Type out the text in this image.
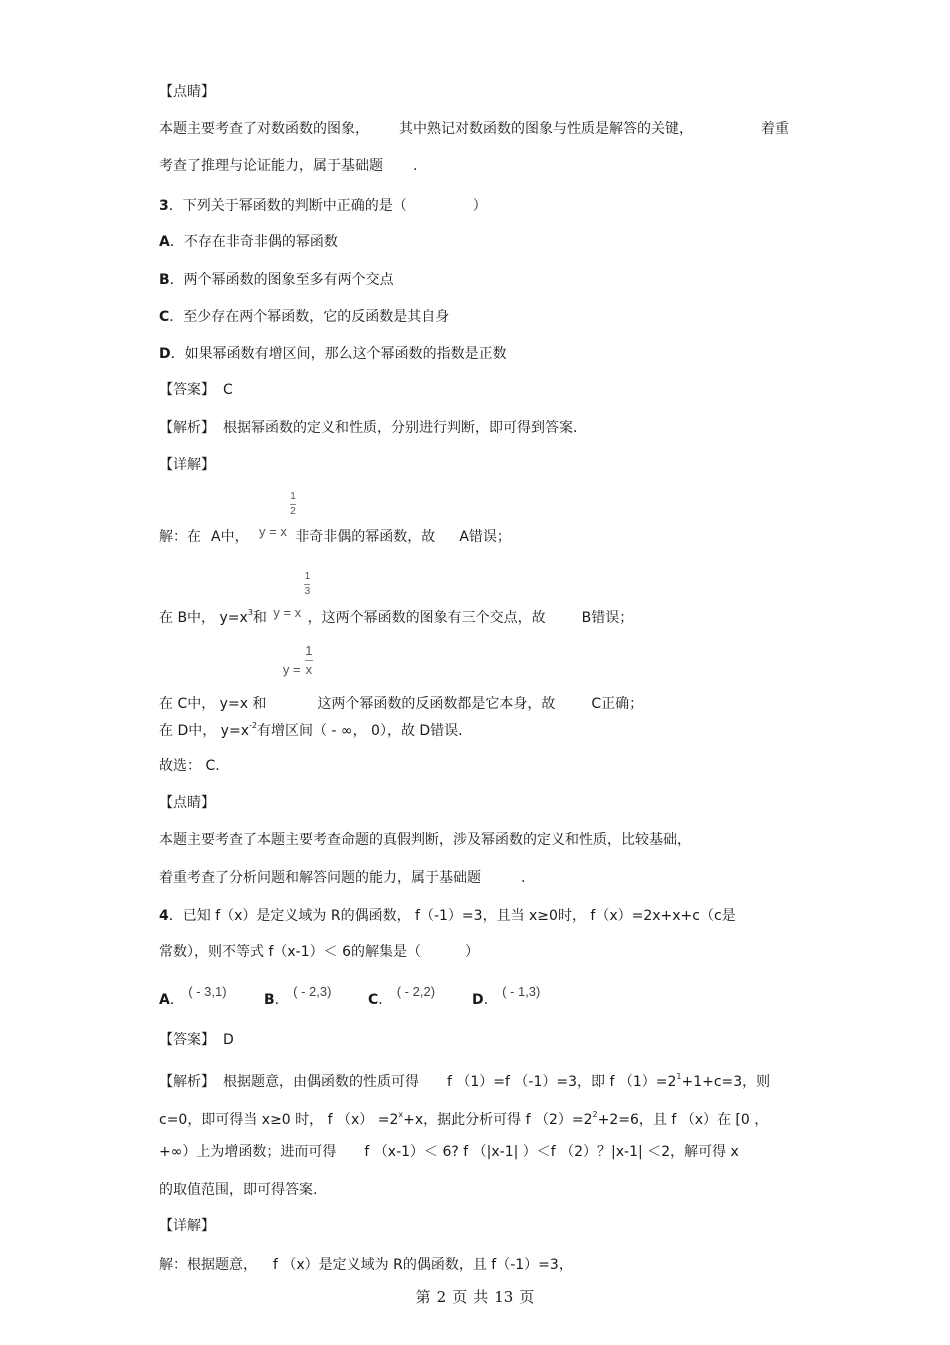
【点睛】
本题主要考查了对数函数的图象， 其中熟记对数函数的图象与性质是解答的关键，	着重
考查了推理与论证能力，属于基础题 .
3．下列关于幂函数的判断中正确的是（	）
A．不存在非奇非偶的幂函数
B．两个幂函数的图象至多有两个交点
C．至少存在两个幂函数，它的反函数是其自身
D．如果幂函数有增区间，那么这个幂函数的指数是正数
【答案】 C
【解析】 根据幂函数的定义和性质，分别进行判断，即可得到答案.
【详解】
解：在 A中， y = x
1
2
非奇非偶的幂函数，故 A错误；
在 B中， $y=x^3$和 y = x
1
3
，这两个幂函数的图象有三个交点，故	B错误；
在 C中， y=x 和
y =
1
x
这两个幂函数的反函数都是它本身，故	C正确；
在 D中， $y=x^{-2}$有增区间（ - ∞， 0），故 D错误.
故选： C.
【点睛】
本题主要考查了本题主要考查命题的真假判断，涉及幂函数的定义和性质，比较基础，
着重考查了分析问题和解答问题的能力，属于基础题	.
4．已知 f（x）是定义域为 R的偶函数， f（-1）=3，且当 x≥0时， f（x）=2x+x+c（c是
常数），则不等式 f（x-1）＜ 6的解集是（	）
A.( - 3,1)
B.( - 2,3)
C.( - 2,2)
D.( - 1,3)
【答案】 D
【解析】 根据题意，由偶函数的性质可得 f （1）=f （-1）=3，即 f $(1)=2^1+1+c=3$，则
c=0，即可得当 x≥0 时， f $(x) =2^x+x$，据此分析可得 f $(2)=2^2+2=6$，且 f （x）在 [0 ，
+∞）上为增函数；进而可得 f （x-1）＜ 6? f （|x-1| ）＜f （2）？|x-1| ＜2，解可得 x
的取值范围，即可得答案.
【详解】
解：根据题意， f （x）是定义域为 R的偶函数，且 f（-1）=3，
第 2 页 共 13 页
